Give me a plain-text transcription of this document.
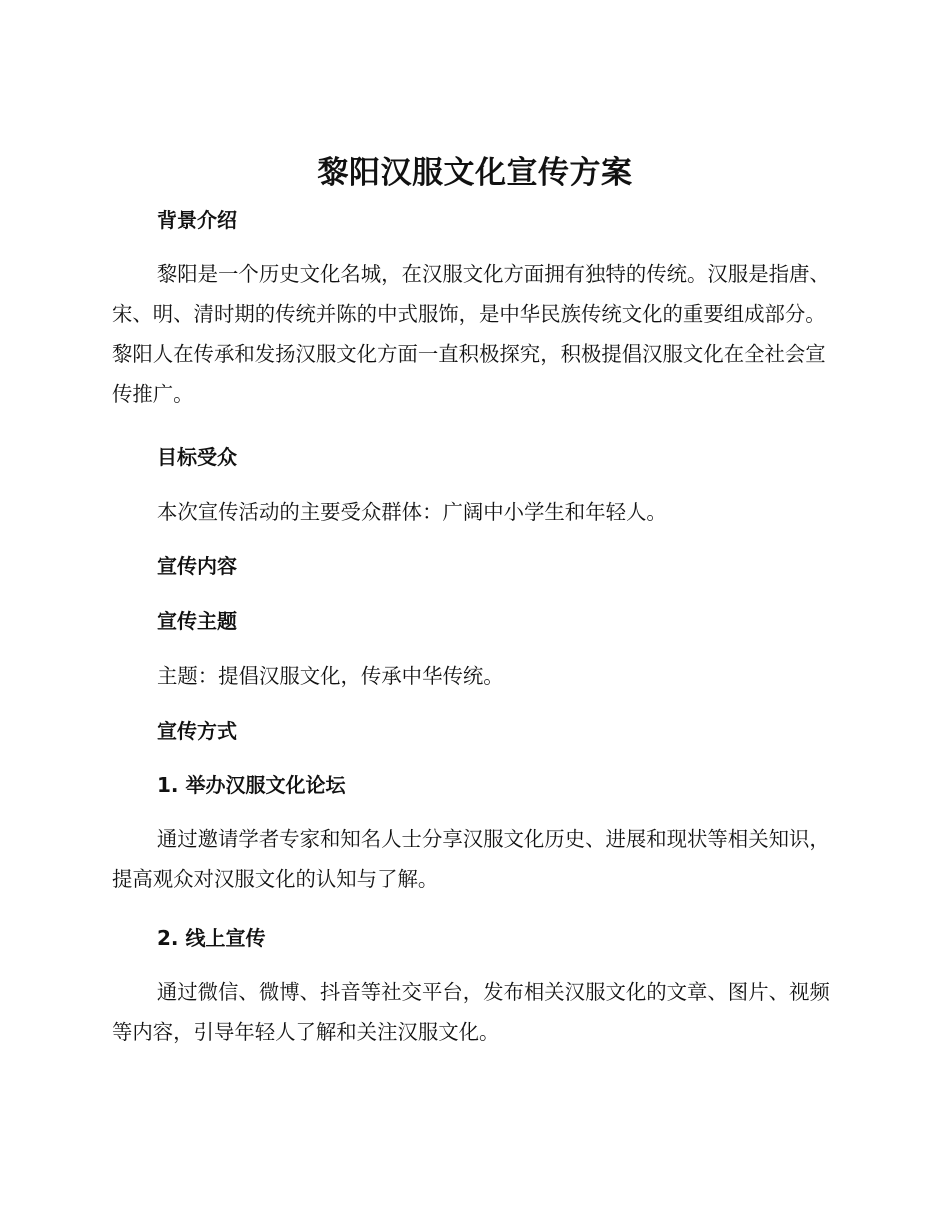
黎阳汉服文化宣传方案
背景介绍
黎阳是一个历史文化名城，在汉服文化方面拥有独特的传统。汉服是指唐、宋、明、清时期的传统并陈的中式服饰，是中华民族传统文化的重要组成部分。黎阳人在传承和发扬汉服文化方面一直积极探究，积极提倡汉服文化在全社会宣传推广。
目标受众
本次宣传活动的主要受众群体：广阔中小学生和年轻人。
宣传内容
宣传主题
主题：提倡汉服文化，传承中华传统。
宣传方式
1. 举办汉服文化论坛
通过邀请学者专家和知名人士分享汉服文化历史、进展和现状等相关知识，提高观众对汉服文化的认知与了解。
2. 线上宣传
通过微信、微博、抖音等社交平台，发布相关汉服文化的文章、图片、视频等内容，引导年轻人了解和关注汉服文化。
